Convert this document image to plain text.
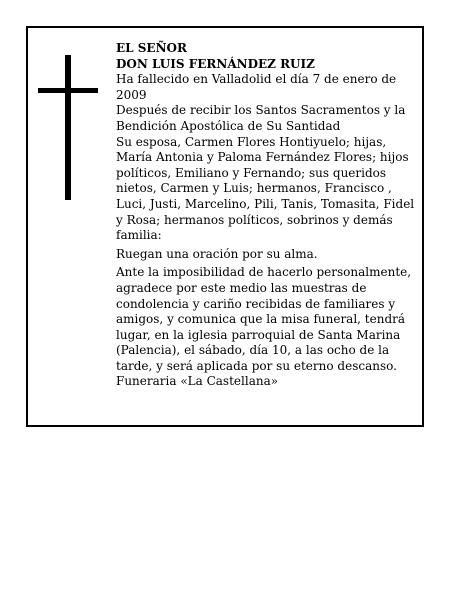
EL SEÑOR

DON LUIS FERNÁNDEZ RUIZ

Ha fallecido en Valladolid el día 7 de enero de 2009

Después de recibir los Santos Sacramentos y la Bendición Apostólica de Su Santidad

Su esposa, Carmen Flores Hontiyuelo; hijas, María Antonia y Paloma Fernández Flores; hijos políticos, Emiliano y Fernando; sus queridos nietos, Carmen y Luis; hermanos, Francisco , Luci, Justi, Marcelino, Pili, Tanis, Tomasita, Fidel y Rosa; hermanos políticos, sobrinos y demás familia:

Ruegan una oración por su alma.

Ante la imposibilidad de hacerlo personalmente, agradece por este medio las muestras de condolencia y cariño recibidas de familiares y amigos, y comunica que la misa funeral, tendrá lugar, en la iglesia parroquial de Santa Marina (Palencia), el sábado, día 10, a las ocho de la tarde, y será aplicada por su eterno descanso.

Funeraria «La Castellana»
